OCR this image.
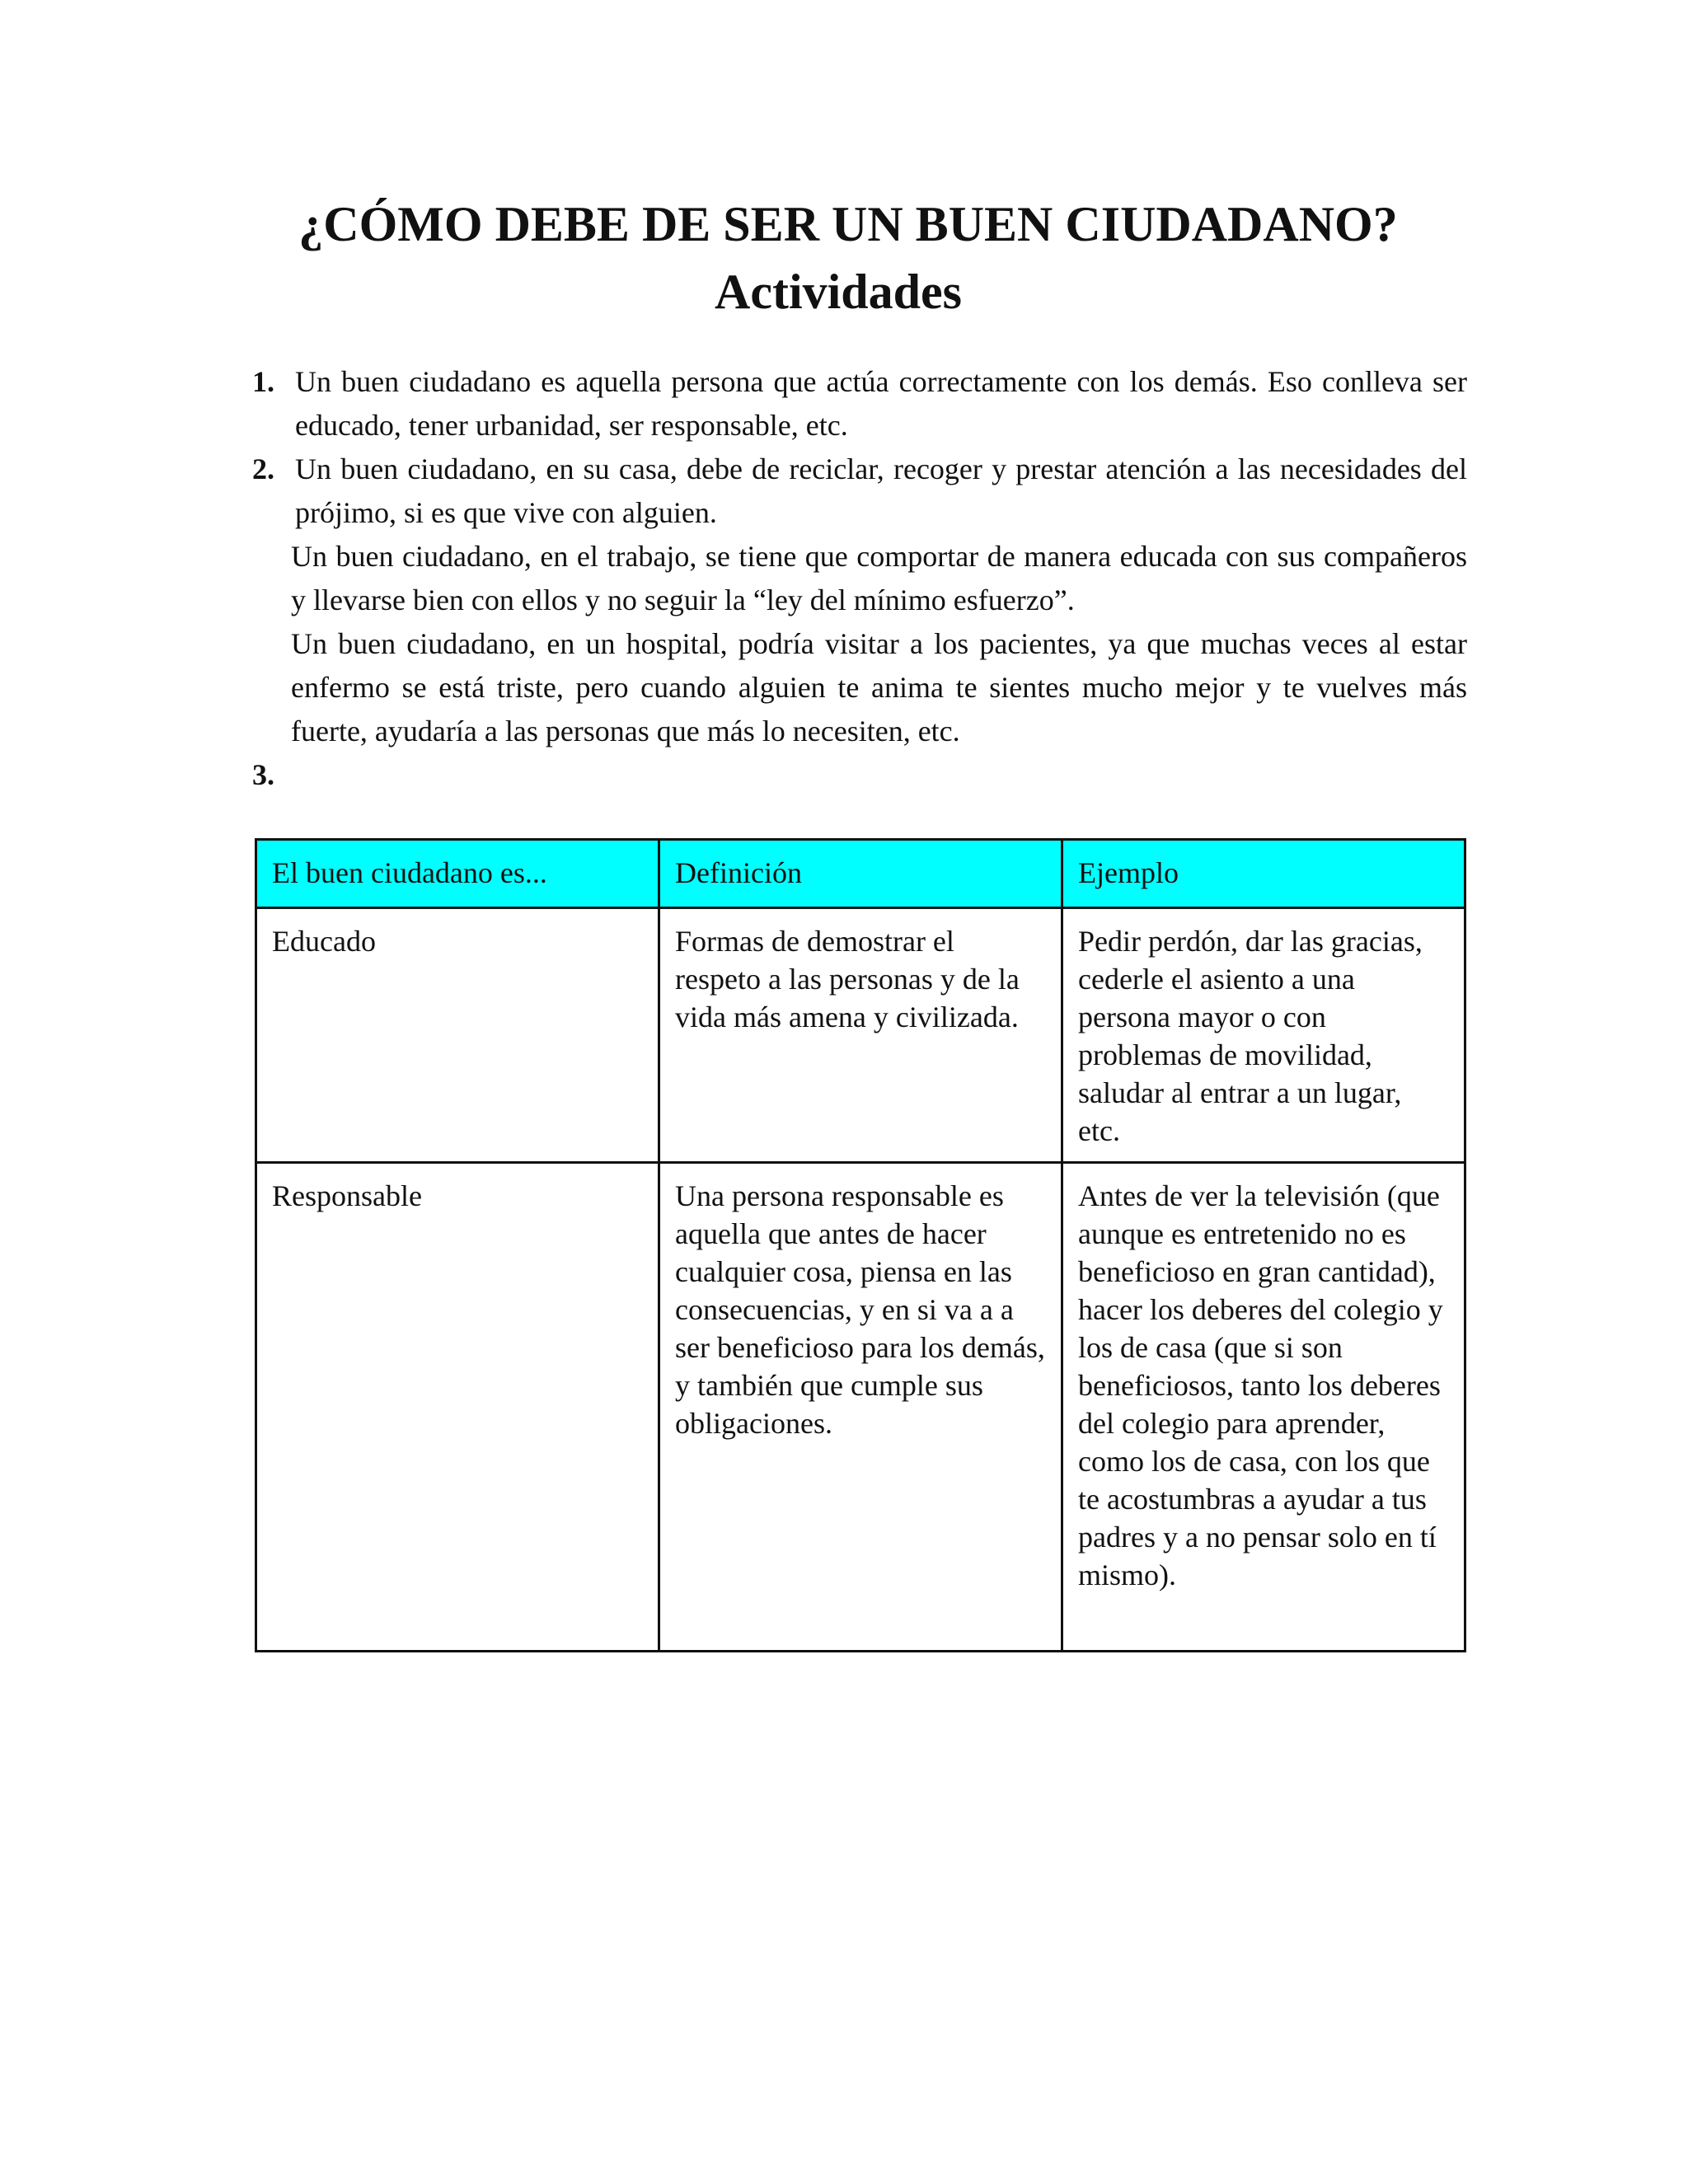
¿CÓMO DEBE DE SER UN BUEN CIUDADANO?
Actividades
1. Un buen ciudadano es aquella persona que actúa correctamente con los demás. Eso conlleva ser educado, tener urbanidad, ser responsable, etc.
2. Un buen ciudadano, en su casa, debe de reciclar, recoger y prestar atención a las necesidades del prójimo, si es que vive con alguien.
Un buen ciudadano, en el trabajo, se tiene que comportar de manera educada con sus compañeros y llevarse bien con ellos y no seguir la “ley del mínimo esfuerzo”.
Un buen ciudadano, en un hospital, podría visitar a los pacientes, ya que muchas veces al estar enfermo se está triste, pero cuando alguien te anima te sientes mucho mejor y te vuelves más fuerte, ayudaría a las personas que más lo necesiten, etc.
3.

El buen ciudadano es...	Definición	Ejemplo
Educado	Formas de demostrar el respeto a las personas y de la vida más amena y civilizada.	Pedir perdón, dar las gracias, cederle el asiento a una persona mayor o con problemas de movilidad, saludar al entrar a un lugar, etc.
Responsable	Una persona responsable es aquella que antes de hacer cualquier cosa, piensa en las consecuencias, y en si va a a ser beneficioso para los demás, y también que cumple sus obligaciones.	Antes de ver la televisión (que aunque es entretenido no es beneficioso en gran cantidad), hacer los deberes del colegio y los de casa (que si son beneficiosos, tanto los deberes del colegio para aprender, como los de casa, con los que te acostumbras a ayudar a tus padres y a no pensar solo en tí mismo).
